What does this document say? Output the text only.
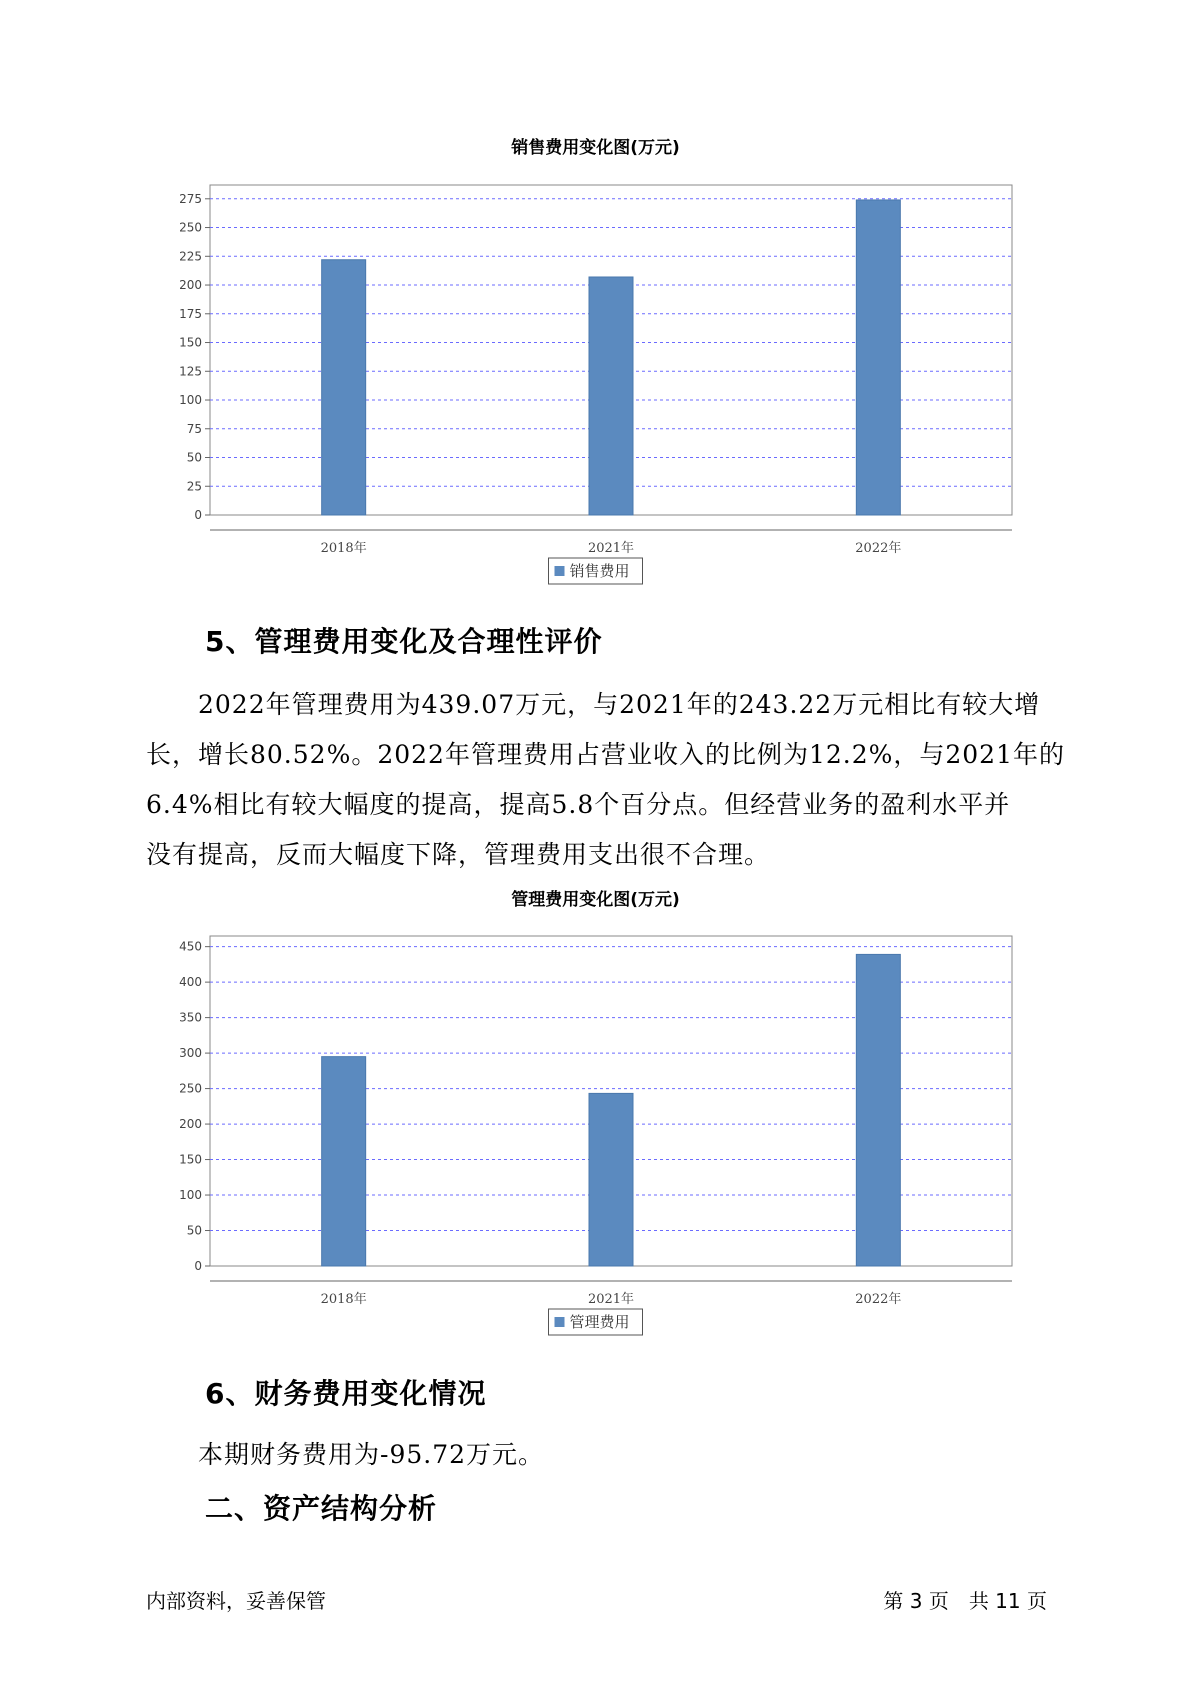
销售费用变化图(万元)
0
25
50
75
100
125
150
175
200
225
250
275
2018年	2021年	2022年
销售费用
5、管理费用变化及合理性评价
　　2022年管理费用为439.07万元，与2021年的243.22万元相比有较大增
长，增长80.52%。2022年管理费用占营业收入的比例为12.2%，与2021年的
6.4%相比有较大幅度的提高，提高5.8个百分点。但经营业务的盈利水平并
没有提高，反而大幅度下降，管理费用支出很不合理。
管理费用变化图(万元)
0
50
100
150
200
250
300
350
400
450
2018年	2021年	2022年
管理费用
6、财务费用变化情况
　　本期财务费用为-95.72万元。
二、资产结构分析
内部资料，妥善保管	第 3 页　共 11 页
